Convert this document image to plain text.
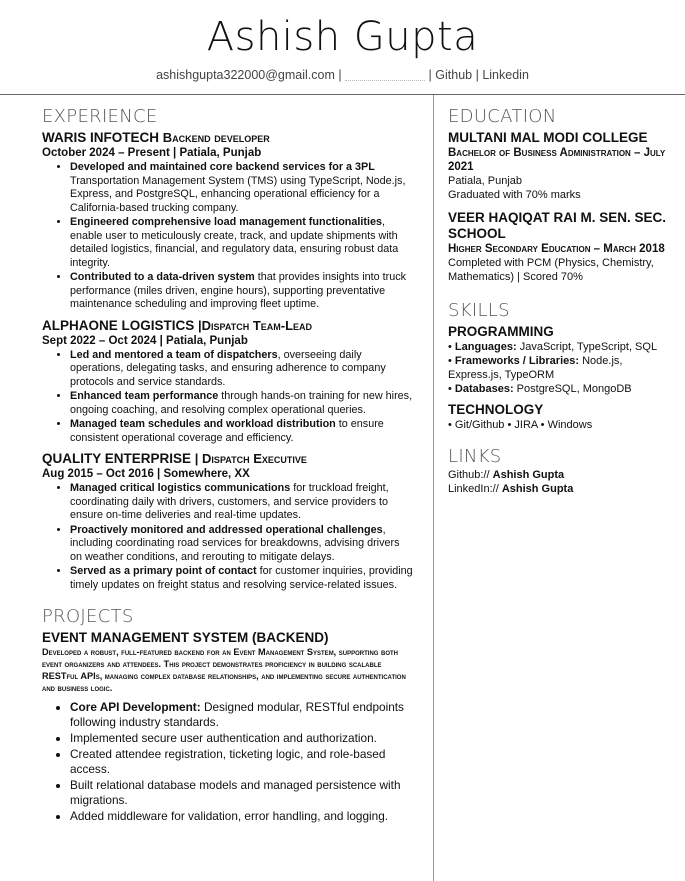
Ashish Gupta
ashishgupta322000@gmail.com |	| Github | Linkedin
EXPERIENCE
WARIS INFOTECH Backend developer
October 2024 – Present | Patiala, Punjab
• Developed and maintained core backend services for a 3PL Transportation Management System (TMS) using TypeScript, Node.js, Express, and PostgreSQL, enhancing operational efficiency for a California-based trucking company.
• Engineered comprehensive load management functionalities, enable user to meticulously create, track, and update shipments with detailed logistics, financial, and regulatory data, ensuring robust data integrity.
• Contributed to a data-driven system that provides insights into truck performance (miles driven, engine hours), supporting preventative maintenance scheduling and improving fleet uptime.
ALPHAONE LOGISTICS |Dispatch Team-Lead
Sept 2022 – Oct 2024 | Patiala, Punjab
• Led and mentored a team of dispatchers, overseeing daily operations, delegating tasks, and ensuring adherence to company protocols and service standards.
• Enhanced team performance through hands-on training for new hires, ongoing coaching, and resolving complex operational queries.
• Managed team schedules and workload distribution to ensure consistent operational coverage and efficiency.
QUALITY ENTERPRISE | Dispatch Executive
Aug 2015 – Oct 2016 | Somewhere, XX
• Managed critical logistics communications for truckload freight, coordinating daily with drivers, customers, and service providers to ensure on-time deliveries and real-time updates.
• Proactively monitored and addressed operational challenges, including coordinating road services for breakdowns, advising drivers on weather conditions, and rerouting to mitigate delays.
• Served as a primary point of contact for customer inquiries, providing timely updates on freight status and resolving service-related issues.
PROJECTS
EVENT MANAGEMENT SYSTEM (BACKEND)
Developed a robust, full-featured backend for an Event Management System, supporting both event organizers and attendees. This project demonstrates proficiency in building scalable RESTful APIs, managing complex database relationships, and implementing secure authentication and business logic.
• Core API Development: Designed modular, RESTful endpoints following industry standards.
• Implemented secure user authentication and authorization.
• Created attendee registration, ticketing logic, and role-based access.
• Built relational database models and managed persistence with migrations.
• Added middleware for validation, error handling, and logging.
EDUCATION
MULTANI MAL MODI COLLEGE
Bachelor of Business Administration – July 2021
Patiala, Punjab
Graduated with 70% marks
VEER HAQIQAT RAI M. SEN. SEC. SCHOOL
Higher Secondary Education – March 2018
Completed with PCM (Physics, Chemistry, Mathematics) | Scored 70%
SKILLS
PROGRAMMING
• Languages: JavaScript, TypeScript, SQL
• Frameworks / Libraries: Node.js, Express.js, TypeORM
• Databases: PostgreSQL, MongoDB
TECHNOLOGY
• Git/Github • JIRA • Windows
LINKS
Github:// Ashish Gupta
LinkedIn:// Ashish Gupta
